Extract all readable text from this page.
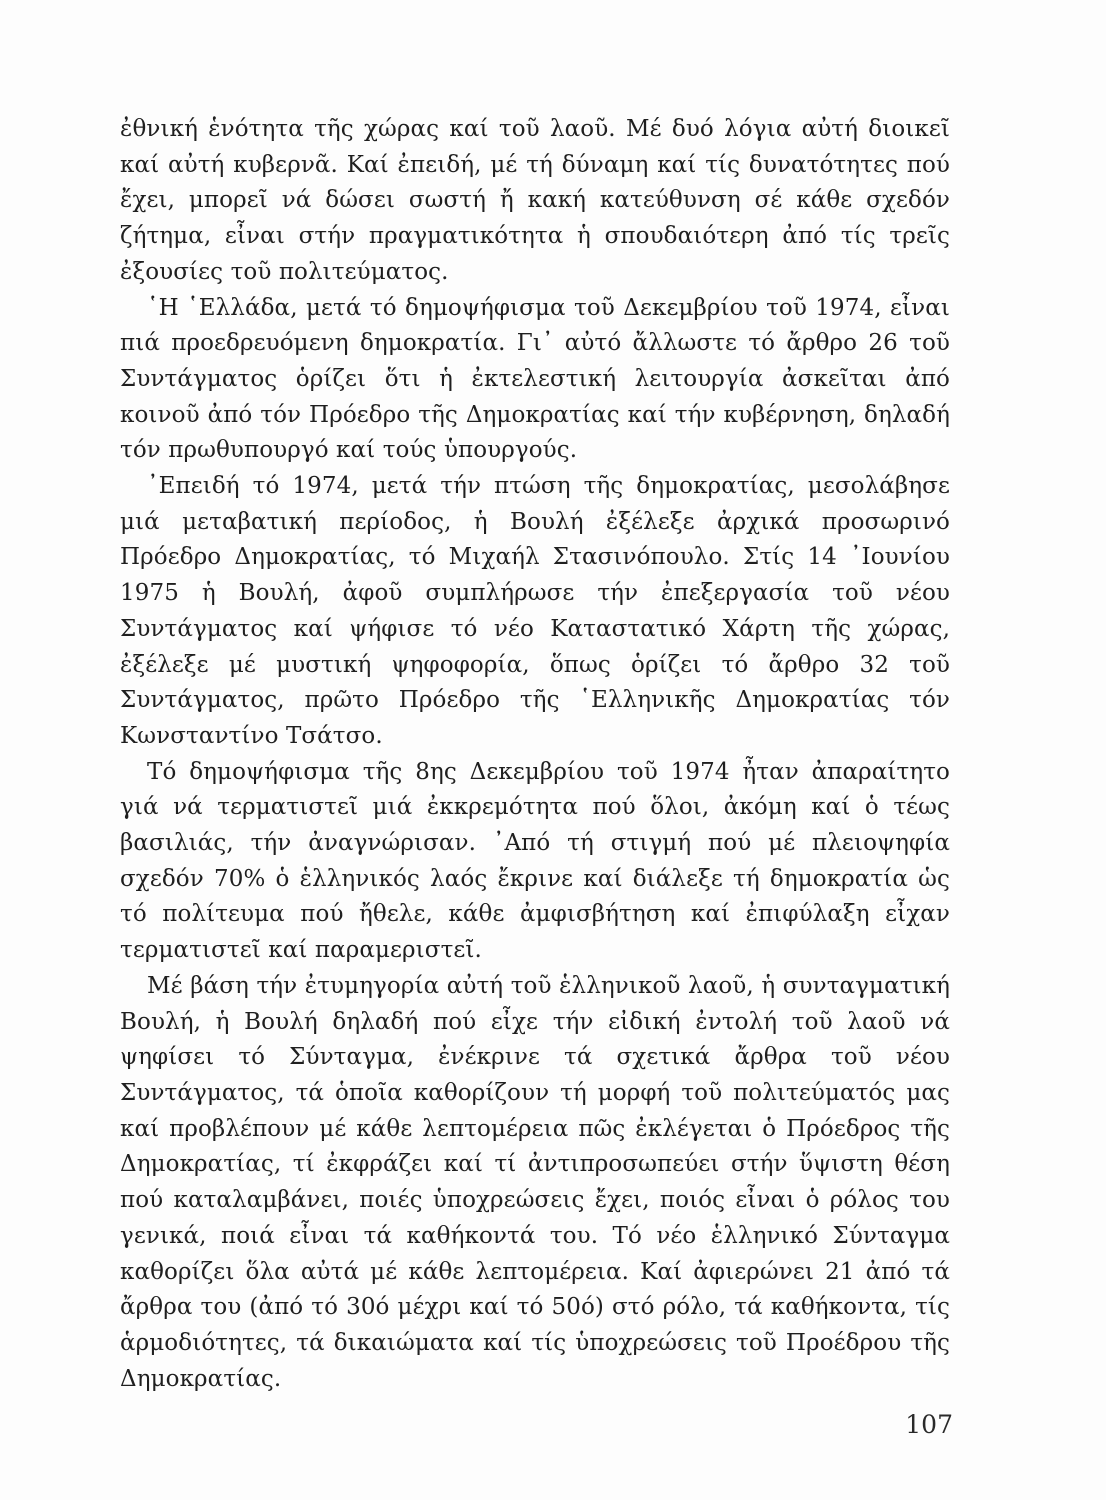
ἐθνική ἑνότητα τῆς χώρας καί τοῦ λαοῦ. Μέ δυό λόγια αὐτή διοικεῖ καί αὐτή κυβερνᾶ. Καί ἐπειδή, μέ τή δύναμη καί τίς δυνατότητες πού ἔχει, μπορεῖ νά δώσει σωστή ἤ κακή κατεύθυνση σέ κάθε σχεδόν ζήτημα, εἶναι στήν πραγματικότητα ἡ σπουδαιότερη ἀπό τίς τρεῖς ἐξουσίες τοῦ πολιτεύματος.

῾Η ῾Ελλάδα, μετά τό δημοψήφισμα τοῦ Δεκεμβρίου τοῦ 1974, εἶναι πιά προεδρευόμενη δημοκρατία. Γι᾽ αὐτό ἄλλωστε τό ἄρθρο 26 τοῦ Συντάγματος ὁρίζει ὅτι ἡ ἐκτελεστική λειτουργία ἀσκεῖται ἀπό κοινοῦ ἀπό τόν Πρόεδρο τῆς Δημοκρατίας καί τήν κυβέρνηση, δηλαδή τόν πρωθυπουργό καί τούς ὑπουργούς.

᾽Επειδή τό 1974, μετά τήν πτώση τῆς δημοκρατίας, μεσολάβησε μιά μεταβατική περίοδος, ἡ Βουλή ἐξέλεξε ἀρχικά προσωρινό Πρόεδρο Δημοκρατίας, τό Μιχαήλ Στασινόπουλο. Στίς 14 ᾽Ιουνίου 1975 ἡ Βουλή, ἀφοῦ συμπλήρωσε τήν ἐπεξεργασία τοῦ νέου Συντάγματος καί ψήφισε τό νέο Καταστατικό Χάρτη τῆς χώρας, ἐξέλεξε μέ μυστική ψηφοφορία, ὅπως ὁρίζει τό ἄρθρο 32 τοῦ Συντάγματος, πρῶτο Πρόεδρο τῆς ῾Ελληνικῆς Δημοκρατίας τόν Κωνσταντίνο Τσάτσο.

Τό δημοψήφισμα τῆς 8ης Δεκεμβρίου τοῦ 1974 ἦταν ἀπαραίτητο γιά νά τερματιστεῖ μιά ἐκκρεμότητα πού ὅλοι, ἀκόμη καί ὁ τέως βασιλιάς, τήν ἀναγνώρισαν. ᾽Από τή στιγμή πού μέ πλειοψηφία σχεδόν 70% ὁ ἑλληνικός λαός ἔκρινε καί διάλεξε τή δημοκρατία ὡς τό πολίτευμα πού ἤθελε, κάθε ἀμφισβήτηση καί ἐπιφύλαξη εἶχαν τερματιστεῖ καί παραμεριστεῖ.

Μέ βάση τήν ἐτυμηγορία αὐτή τοῦ ἑλληνικοῦ λαοῦ, ἡ συνταγματική Βουλή, ἡ Βουλή δηλαδή πού εἶχε τήν εἰδική ἐντολή τοῦ λαοῦ νά ψηφίσει τό Σύνταγμα, ἐνέκρινε τά σχετικά ἄρθρα τοῦ νέου Συντάγματος, τά ὁποῖα καθορίζουν τή μορφή τοῦ πολιτεύματός μας καί προβλέπουν μέ κάθε λεπτομέρεια πῶς ἐκλέγεται ὁ Πρόεδρος τῆς Δημοκρατίας, τί ἐκφράζει καί τί ἀντιπροσωπεύει στήν ὕψιστη θέση πού καταλαμβάνει, ποιές ὑποχρεώσεις ἔχει, ποιός εἶναι ὁ ρόλος του γενικά, ποιά εἶναι τά καθήκοντά του. Τό νέο ἑλληνικό Σύνταγμα καθορίζει ὅλα αὐτά μέ κάθε λεπτομέρεια. Καί ἀφιερώνει 21 ἀπό τά ἄρθρα του (ἀπό τό 30ό μέχρι καί τό 50ό) στό ρόλο, τά καθήκοντα, τίς ἁρμοδιότητες, τά δικαιώματα καί τίς ὑποχρεώσεις τοῦ Προέδρου τῆς Δημοκρατίας.

107
